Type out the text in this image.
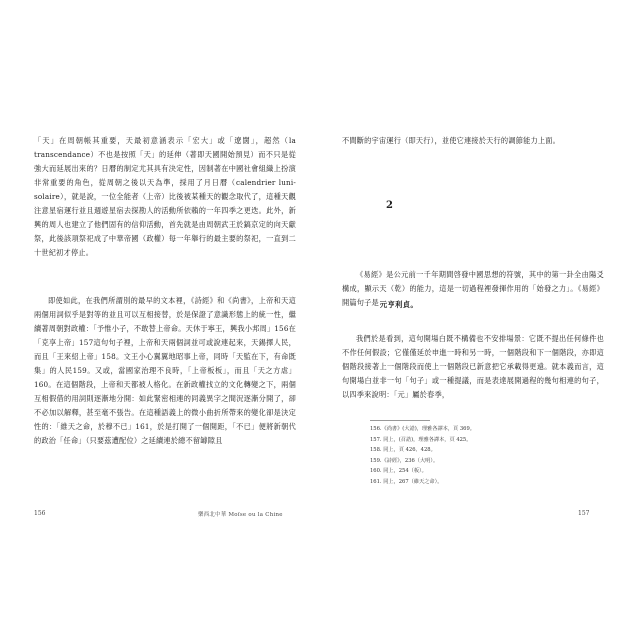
「天」在周朝帳其重要，天最初意涵表示「宏大」或「遼闊」，超然（la transcendance）不也是按照「天」的延伸（著即天國開始預見）而不只是從強大而延展出來的？日曆的制定尤其具有決定性，因制著在中國社會組織上扮演非常重要的角色，從周朝之後以天為準，採用了月日曆（calendrier luni-solaire），就是說，一位全能者（上帝）比後被某種天的觀念取代了，這種天觀注意星宿運行並且週遊星宿去探勘人的活動所依賴的一年四季之更迭。此外，新興的周人也建立了他們固有的信仰活動，首先就是由周朝武王於鎬京定的向天獻祭，此後該項祭祀成了中華帝國（政權）每一年舉行的最主要的祭祀，一直到二十世紀初才停止。

即使如此，在我們所謂別的最早的文本裡，《詩經》和《尚書》，上帝和天這兩個用詞似乎是對等的並且可以互相接替，於是保證了意識形態上的統一性，繼續著周朝對政權：「予惟小子，不敢替上帝命。天休于寧王，興我小邦周」156在「克享上帝」157這句句子裡，上帝和天兩個詞並可或說連起來，天錫擇人民，而且「王來紹上帝」158。文王小心翼翼地昭事上帝，同時「天監在下，有命既集」的人民159。又或，當國家治理不良時，「上帝板板」，而且「天之方虐」160。在這個階段，上帝和天都被人格化。在新政權找立的文化轉變之下，兩個互相假借的用詞則逐漸地分開：如此緊密相連的同義異字之間況逐漸分開了，卻不必加以解釋，甚至毫不張告。在這種語義上的微小曲折所帶來的變化卻是決定性的：「維天之命，於穆不已」161，於是打開了一個開距，「不已」便將新朝代的政治「任命」（只要茲遭配位）之延續連於總不留罅隙且

156	樂西北中華 Moïse ou la Chine

不間斷的宇宙運行（即天行），並使它連接於天行的調節能力上面。

2

《易經》是公元前一千年期間啓發中國思想的符號，其中的第一卦全由陽爻構成，顯示天（乾）的能力，這是一切過程裡發揮作用的「始發之力」。《易經》開篇句子是：

元亨利貞。

我們於是看到，這句開場白既不構備也不安排場景：它既不提出任何條件也不作任何假設；它僅僅延於申進一時和另一時，一個階段和下一個階段，亦即這個階段接著上一個階段而使上一個階段已新意把它承載得更遠。就本義而言，這句開場白並非一句「句子」或一種提議，而是表達展開過程的幾句相連的句子，以四季來說明：「元」屬於春季，

156.《尚書》(大誥)，理雅各譯本，頁 369。
157. 同上，(召誥)，理雅各譯本，頁 425。
158. 同上，頁 426、428。
159.《詩經》，236（大明）。
160. 同上，254（板）。
161. 同上，267（維天之命）。
157
